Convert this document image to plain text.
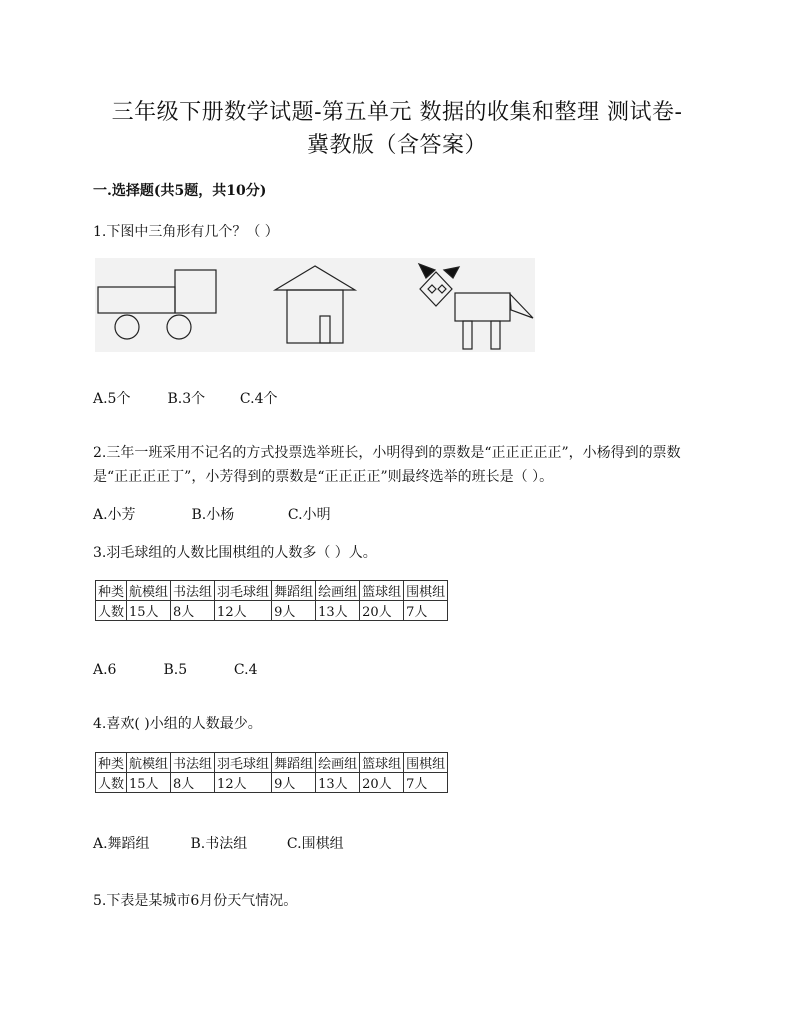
三年级下册数学试题-第五单元 数据的收集和整理 测试卷-
冀教版（含答案）

一.选择题(共5题，共10分)

1.下图中三角形有几个？（ ）

A.5个	B.3个 C.4个

2.三年一班采用不记名的方式投票选举班长，小明得到的票数是“正正正正正”，小杨得到的票数是“正正正正丁”，小芳得到的票数是“正正正正”则最终选举的班长是（ ）。

A.小芳	B.小杨	C.小明

3.羽毛球组的人数比围棋组的人数多（ ）人。

种类	航模组	书法组	羽毛球组	舞蹈组	绘画组	篮球组	围棋组
人数	15人	8人	12人	9人	13人	20人	7人

A.6	B.5	C.4

4.喜欢( )小组的人数最少。

种类	航模组	书法组	羽毛球组	舞蹈组	绘画组	篮球组	围棋组
人数	15人	8人	12人	9人	13人	20人	7人

A.舞蹈组	B.书法组	C.围棋组

5.下表是某城市6月份天气情况。
